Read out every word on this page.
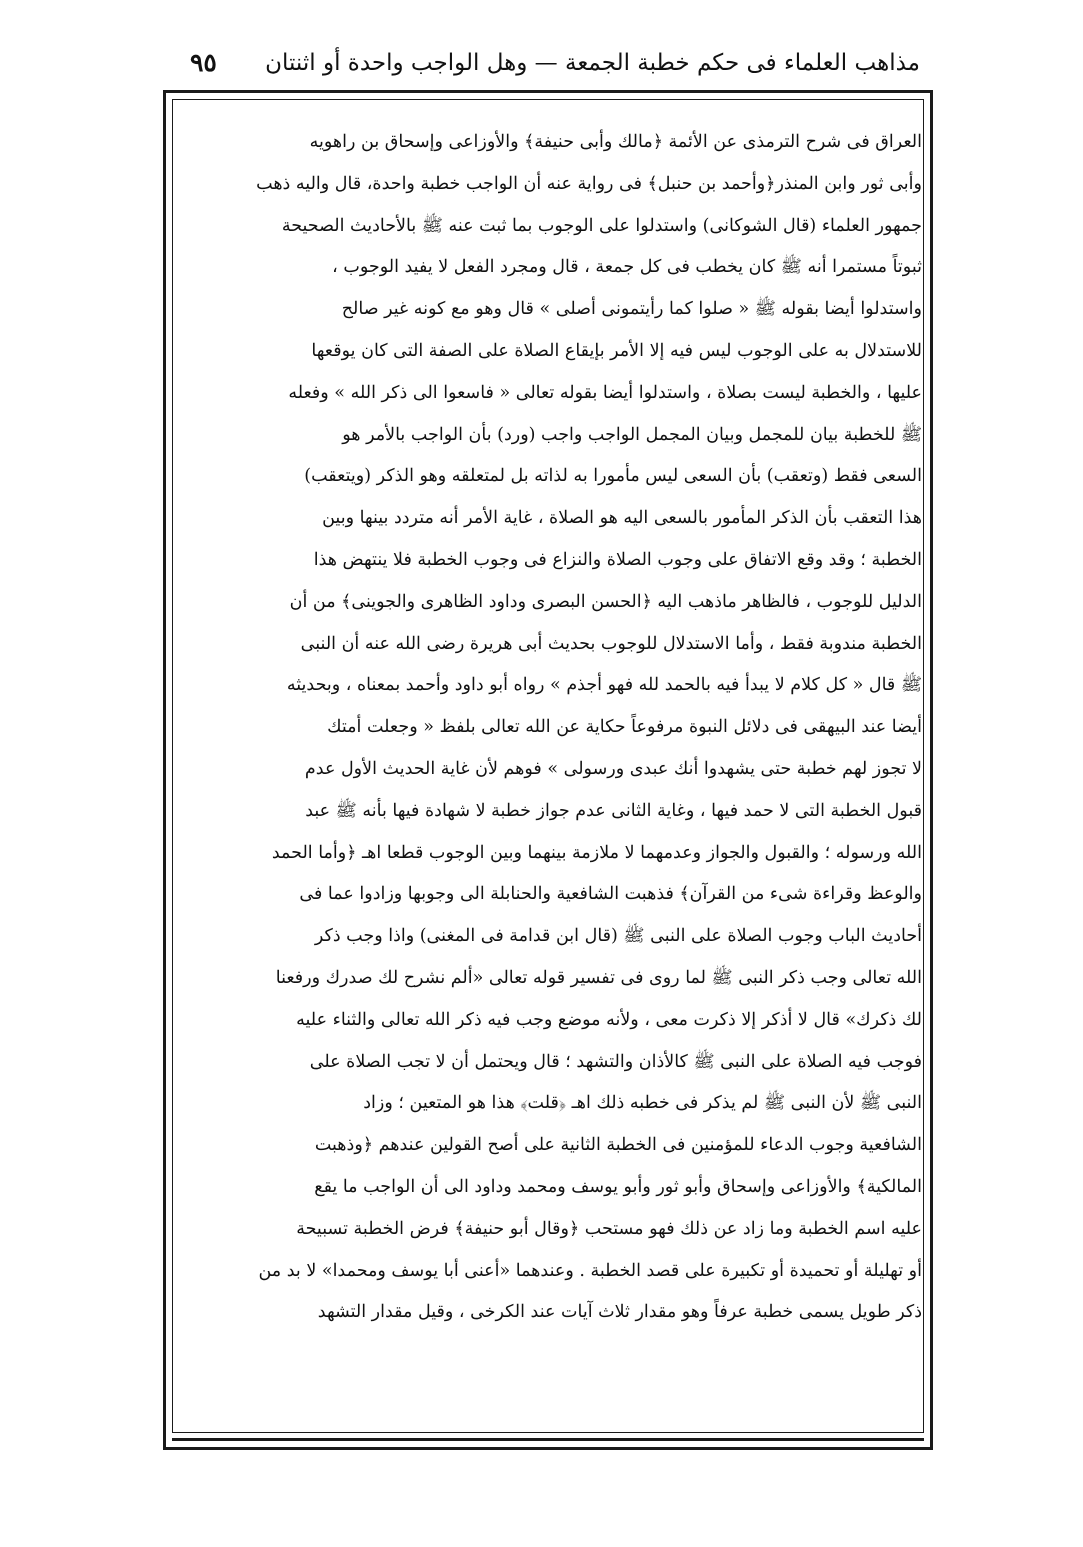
مذاهب العلماء فى حكم خطبة الجمعة — وهل الواجب واحدة أو اثنتان
٩٥
العراق فى شرح الترمذى عن الأئمة ﴿مالك وأبى حنيفة﴾ والأوزاعى وإسحاق بن راهويه
وأبى ثور وابن المنذر﴿وأحمد بن حنبل﴾ فى رواية عنه أن الواجب خطبة واحدة، قال واليه ذهب
جمهور العلماء (قال الشوكانى) واستدلوا على الوجوب بما ثبت عنه ﷺ بالأحاديث الصحيحة
ثبوتاً مستمرا أنه ﷺ كان يخطب فى كل جمعة ، قال ومجرد الفعل لا يفيد الوجوب ،
واستدلوا أيضا بقوله ﷺ « صلوا كما رأيتمونى أصلى » قال وهو مع كونه غير صالح
للاستدلال به على الوجوب ليس فيه إلا الأمر بإيقاع الصلاة على الصفة التى كان يوقعها
عليها ، والخطبة ليست بصلاة ، واستدلوا أيضا بقوله تعالى « فاسعوا الى ذكر الله » وفعله
ﷺ للخطبة بيان للمجمل وبيان المجمل الواجب واجب (ورد) بأن الواجب بالأمر هو
السعى فقط (وتعقب) بأن السعى ليس مأمورا به لذاته بل لمتعلقه وهو الذكر (ويتعقب)
هذا التعقب بأن الذكر المأمور بالسعى اليه هو الصلاة ، غاية الأمر أنه متردد بينها وبين
الخطبة ؛ وقد وقع الاتفاق على وجوب الصلاة والنزاع فى وجوب الخطبة فلا ينتهض هذا
الدليل للوجوب ، فالظاهر ماذهب اليه ﴿الحسن البصرى وداود الظاهرى والجوينى﴾ من أن
الخطبة مندوبة فقط ، وأما الاستدلال للوجوب بحديث أبى هريرة رضى الله عنه أن النبى
ﷺ قال « كل كلام لا يبدأ فيه بالحمد لله فهو أجذم » رواه أبو داود وأحمد بمعناه ، وبحديثه
أيضا عند البيهقى فى دلائل النبوة مرفوعاً حكاية عن الله تعالى بلفظ « وجعلت أمتك
لا تجوز لهم خطبة حتى يشهدوا أنك عبدى ورسولى » فوهم لأن غاية الحديث الأول عدم
قبول الخطبة التى لا حمد فيها ، وغاية الثانى عدم جواز خطبة لا شهادة فيها بأنه ﷺ عبد
الله ورسوله ؛ والقبول والجواز وعدمهما لا ملازمة بينهما وبين الوجوب قطعا اهـ ﴿وأما الحمد
والوعظ وقراءة شىء من القرآن﴾ فذهبت الشافعية والحنابلة الى وجوبها وزادوا عما فى
أحاديث الباب وجوب الصلاة على النبى ﷺ (قال ابن قدامة فى المغنى) واذا وجب ذكر
الله تعالى وجب ذكر النبى ﷺ لما روى فى تفسير قوله تعالى «ألم نشرح لك صدرك ورفعنا
لك ذكرك» قال لا أذكر إلا ذكرت معى ، ولأنه موضع وجب فيه ذكر الله تعالى والثناء عليه
فوجب فيه الصلاة على النبى ﷺ كالأذان والتشهد ؛ قال ويحتمل أن لا تجب الصلاة على
النبى ﷺ لأن النبى ﷺ لم يذكر فى خطبه ذلك اهـ ﴿قلت﴾ هذا هو المتعين ؛ وزاد
الشافعية وجوب الدعاء للمؤمنين فى الخطبة الثانية على أصح القولين عندهم ﴿وذهبت
المالكية﴾ والأوزاعى وإسحاق وأبو ثور وأبو يوسف ومحمد وداود الى أن الواجب ما يقع
عليه اسم الخطبة وما زاد عن ذلك فهو مستحب ﴿وقال أبو حنيفة﴾ فرض الخطبة تسبيحة
أو تهليلة أو تحميدة أو تكبيرة على قصد الخطبة . وعندهما «أعنى أبا يوسف ومحمدا» لا بد من
ذكر طويل يسمى خطبة عرفاً وهو مقدار ثلاث آيات عند الكرخى ، وقيل مقدار التشهد
